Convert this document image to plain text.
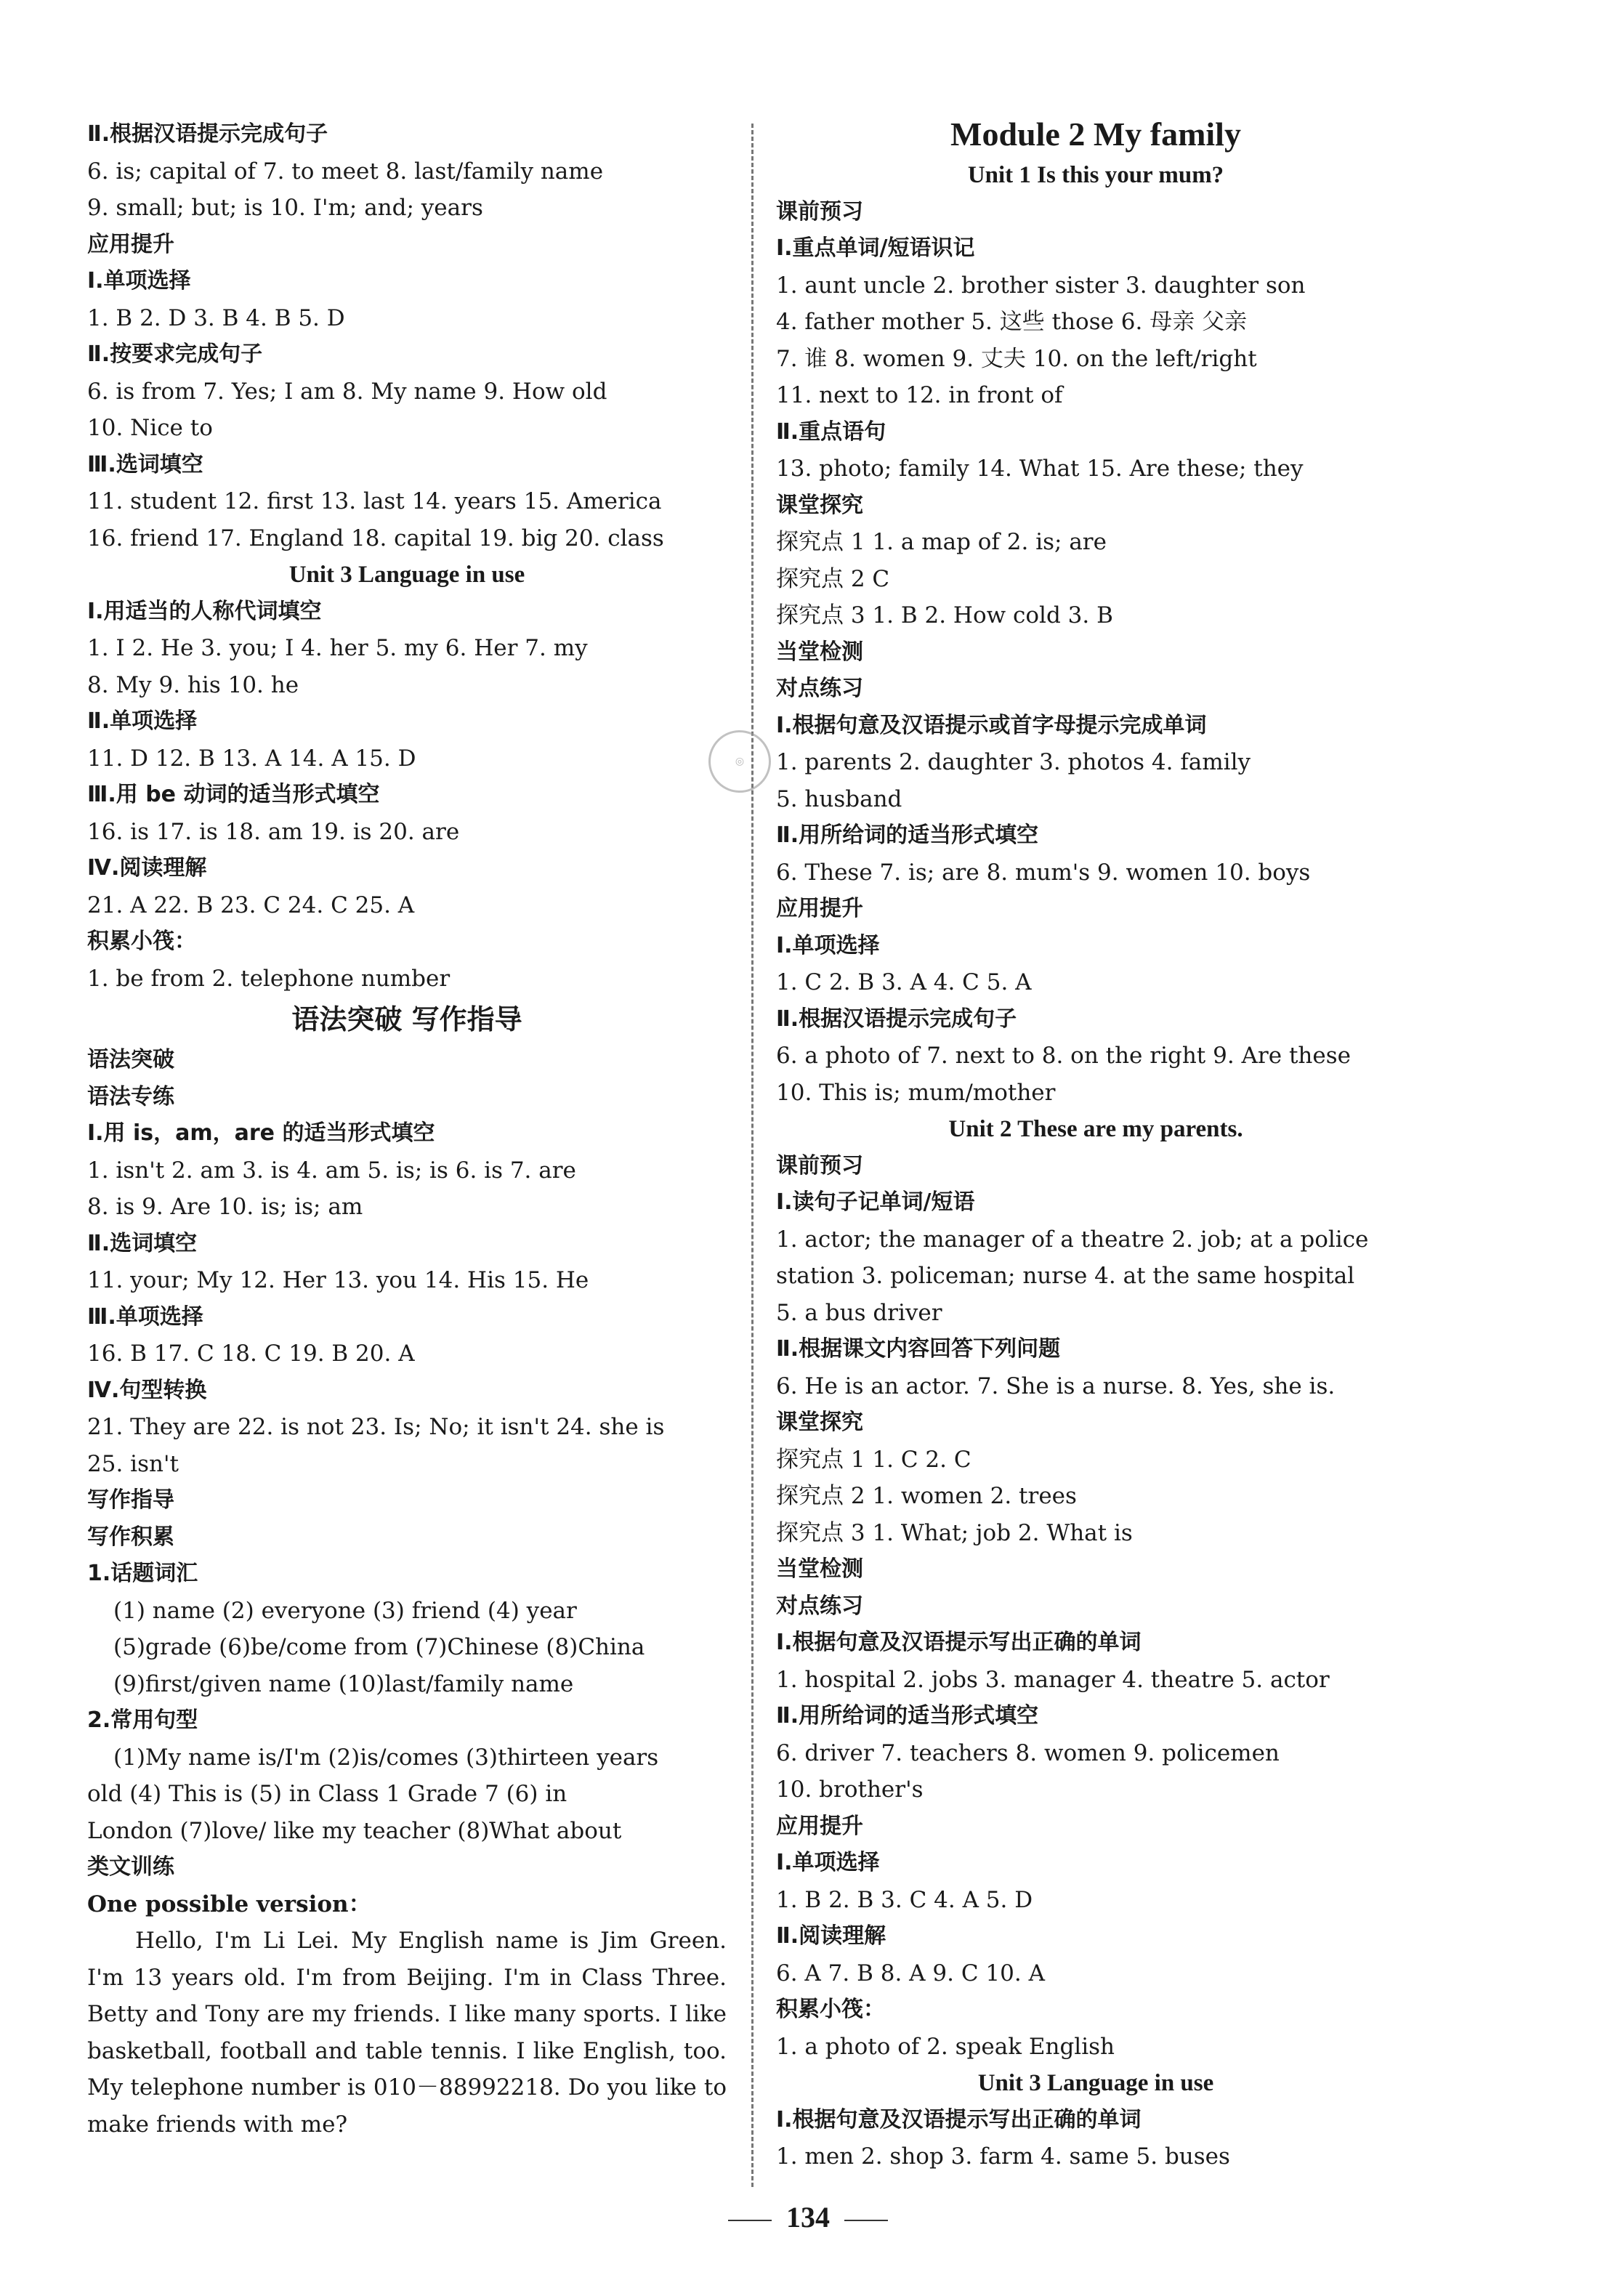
Ⅱ.根据汉语提示完成句子
6. is; capital of 7. to meet 8. last/family name
9. small; but; is 10. I'm; and; years
应用提升
Ⅰ.单项选择
1. B 2. D 3. B 4. B 5. D
Ⅱ.按要求完成句子
6. is from 7. Yes; I am 8. My name 9. How old
10. Nice to
Ⅲ.选词填空
11. student 12. first 13. last 14. years 15. America
16. friend 17. England 18. capital 19. big 20. class
Unit 3 Language in use
Ⅰ.用适当的人称代词填空
1. I 2. He 3. you; I 4. her 5. my 6. Her 7. my
8. My 9. his 10. he
Ⅱ.单项选择
11. D 12. B 13. A 14. A 15. D
Ⅲ.用 be 动词的适当形式填空
16. is 17. is 18. am 19. is 20. are
Ⅳ.阅读理解
21. A 22. B 23. C 24. C 25. A
积累小筏：
1. be from 2. telephone number
语法突破 写作指导
语法突破
语法专练
Ⅰ.用 is，am，are 的适当形式填空
1. isn't 2. am 3. is 4. am 5. is; is 6. is 7. are
8. is 9. Are 10. is; is; am
Ⅱ.选词填空
11. your; My 12. Her 13. you 14. His 15. He
Ⅲ.单项选择
16. B 17. C 18. C 19. B 20. A
Ⅳ.句型转换
21. They are 22. is not 23. Is; No; it isn't 24. she is
25. isn't
写作指导
写作积累
1.话题词汇
(1) name (2) everyone (3) friend (4) year
(5)grade (6)be/come from (7)Chinese (8)China
(9)first/given name (10)last/family name
2.常用句型
(1)My name is/I'm (2)is/comes (3)thirteen years
old (4) This is (5) in Class 1 Grade 7 (6) in
London (7)love/ like my teacher (8)What about
类文训练
One possible version：
Hello, I'm Li Lei. My English name is Jim Green. I'm 13 years old. I'm from Beijing. I'm in Class Three. Betty and Tony are my friends. I like many sports. I like basketball, football and table tennis. I like English, too. My telephone number is 010－88992218. Do you like to make friends with me?
Module 2 My family
Unit 1 Is this your mum?
课前预习
Ⅰ.重点单词/短语识记
1. aunt uncle 2. brother sister 3. daughter son
4. father mother 5. 这些 those 6. 母亲 父亲
7. 谁 8. women 9. 丈夫 10. on the left/right
11. next to 12. in front of
Ⅱ.重点语句
13. photo; family 14. What 15. Are these; they
课堂探究
探究点 1 1. a map of 2. is; are
探究点 2 C
探究点 3 1. B 2. How cold 3. B
当堂检测
对点练习
Ⅰ.根据句意及汉语提示或首字母提示完成单词
1. parents 2. daughter 3. photos 4. family
5. husband
Ⅱ.用所给词的适当形式填空
6. These 7. is; are 8. mum's 9. women 10. boys
应用提升
Ⅰ.单项选择
1. C 2. B 3. A 4. C 5. A
Ⅱ.根据汉语提示完成句子
6. a photo of 7. next to 8. on the right 9. Are these
10. This is; mum/mother
Unit 2 These are my parents.
课前预习
Ⅰ.读句子记单词/短语
1. actor; the manager of a theatre 2. job; at a police
station 3. policeman; nurse 4. at the same hospital
5. a bus driver
Ⅱ.根据课文内容回答下列问题
6. He is an actor. 7. She is a nurse. 8. Yes, she is.
课堂探究
探究点 1 1. C 2. C
探究点 2 1. women 2. trees
探究点 3 1. What; job 2. What is
当堂检测
对点练习
Ⅰ.根据句意及汉语提示写出正确的单词
1. hospital 2. jobs 3. manager 4. theatre 5. actor
Ⅱ.用所给词的适当形式填空
6. driver 7. teachers 8. women 9. policemen
10. brother's
应用提升
Ⅰ.单项选择
1. B 2. B 3. C 4. A 5. D
Ⅱ.阅读理解
6. A 7. B 8. A 9. C 10. A
积累小筏：
1. a photo of 2. speak English
Unit 3 Language in use
Ⅰ.根据句意及汉语提示写出正确的单词
1. men 2. shop 3. farm 4. same 5. buses
◎
134
